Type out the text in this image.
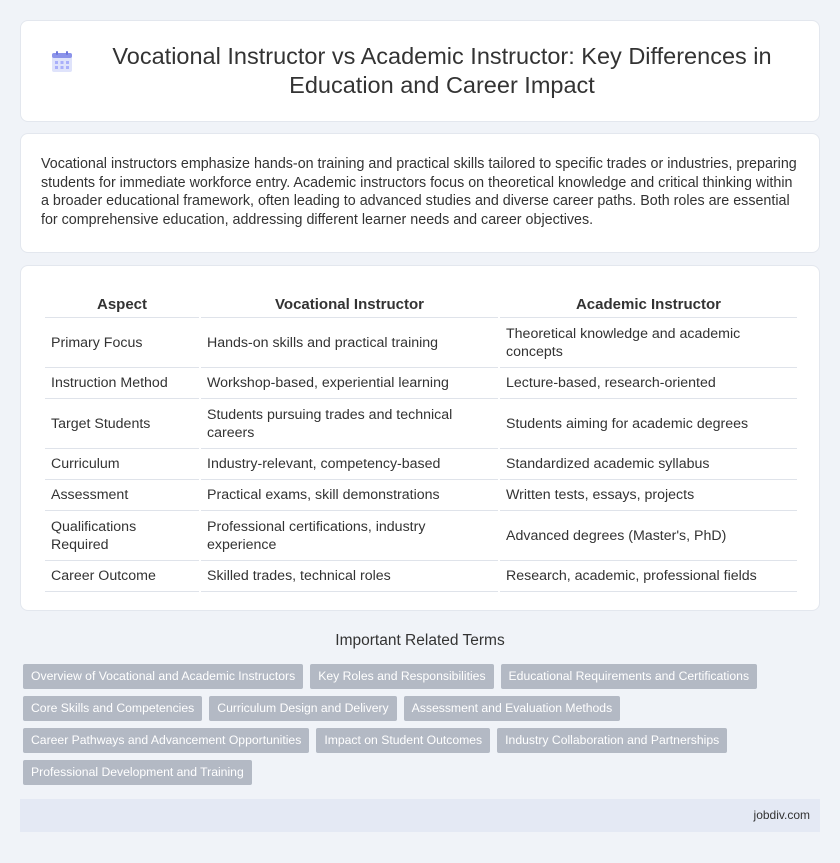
Vocational Instructor vs Academic Instructor: Key Differences in Education and Career Impact

Vocational instructors emphasize hands-on training and practical skills tailored to specific trades or industries, preparing students for immediate workforce entry. Academic instructors focus on theoretical knowledge and critical thinking within a broader educational framework, often leading to advanced studies and diverse career paths. Both roles are essential for comprehensive education, addressing different learner needs and career objectives.

Aspect	Vocational Instructor	Academic Instructor
Primary Focus	Hands-on skills and practical training	Theoretical knowledge and academic concepts
Instruction Method	Workshop-based, experiential learning	Lecture-based, research-oriented
Target Students	Students pursuing trades and technical careers	Students aiming for academic degrees
Curriculum	Industry-relevant, competency-based	Standardized academic syllabus
Assessment	Practical exams, skill demonstrations	Written tests, essays, projects
Qualifications Required	Professional certifications, industry experience	Advanced degrees (Master's, PhD)
Career Outcome	Skilled trades, technical roles	Research, academic, professional fields
Important Related Terms
Overview of Vocational and Academic Instructors	Key Roles and Responsibilities	Educational Requirements and Certifications
Core Skills and Competencies	Curriculum Design and Delivery	Assessment and Evaluation Methods
Career Pathways and Advancement Opportunities	Impact on Student Outcomes	Industry Collaboration and Partnerships
Professional Development and Training
jobdiv.com
